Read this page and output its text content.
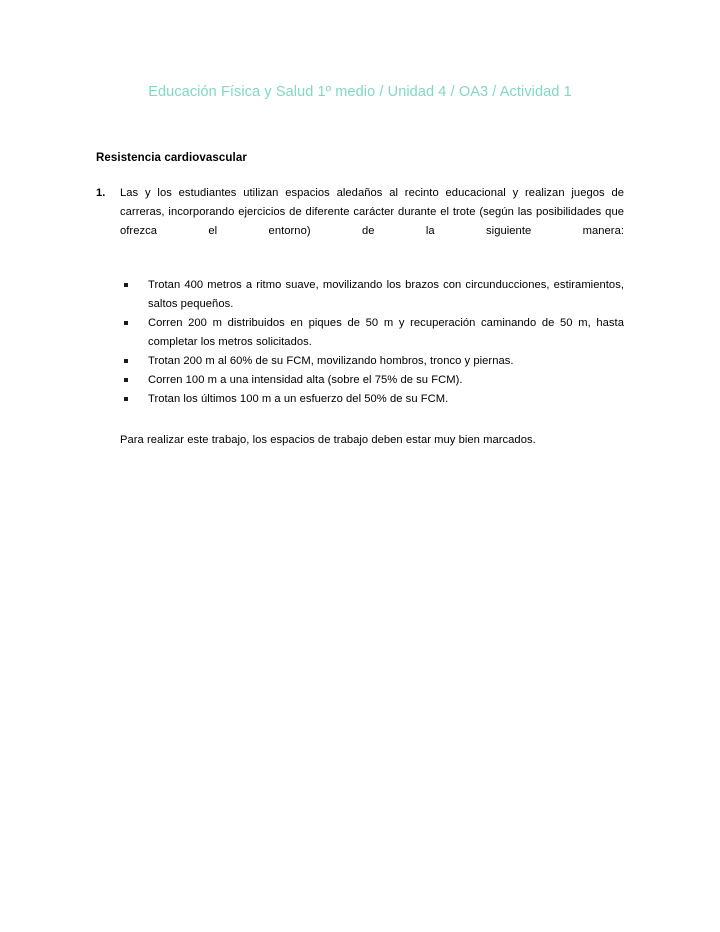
Educación Física y Salud 1º medio / Unidad 4 / OA3 / Actividad 1
Resistencia cardiovascular
1.	Las y los estudiantes utilizan espacios aledaños al recinto educacional y realizan juegos de carreras, incorporando ejercicios de diferente carácter durante el trote (según las posibilidades que ofrezca el entorno) de la siguiente manera:
Trotan 400 metros a ritmo suave, movilizando los brazos con circunducciones, estiramientos, saltos pequeños.
Corren 200 m distribuidos en piques de 50 m y recuperación caminando de 50 m, hasta completar los metros solicitados.
Trotan 200 m al 60% de su FCM, movilizando hombros, tronco y piernas.
Corren 100 m a una intensidad alta (sobre el 75% de su FCM).
Trotan los últimos 100 m a un esfuerzo del 50% de su FCM.

Para realizar este trabajo, los espacios de trabajo deben estar muy bien marcados.
